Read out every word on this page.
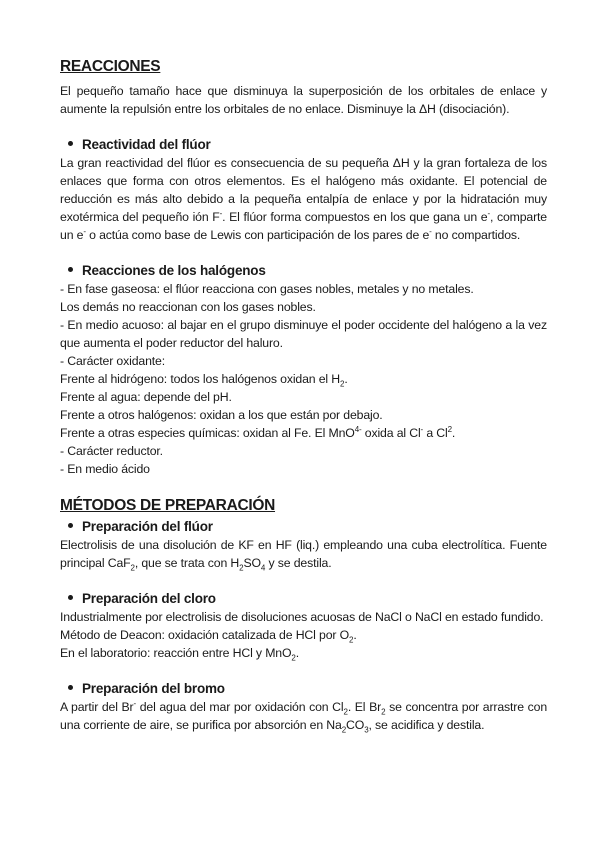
REACCIONES

El pequeño tamaño hace que disminuya la superposición de los orbitales de enlace y aumente la repulsión entre los orbitales de no enlace. Disminuye la ΔH (disociación).

Reactividad del flúor

La gran reactividad del flúor es consecuencia de su pequeña ΔH y la gran fortaleza de los enlaces que forma con otros elementos. Es el halógeno más oxidante. El potencial de reducción es más alto debido a la pequeña entalpía de enlace y por la hidratación muy exotérmica del pequeño ión F-. El flúor forma compuestos en los que gana un e-, comparte un e- o actúa como base de Lewis con participación de los pares de e- no compartidos.

Reacciones de los halógenos

- En fase gaseosa: el flúor reacciona con gases nobles, metales y no metales.

Los demás no reaccionan con los gases nobles.

- En medio acuoso: al bajar en el grupo disminuye el poder occidente del halógeno a la vez que aumenta el poder reductor del haluro.

- Carácter oxidante:

Frente al hidrógeno: todos los halógenos oxidan el $H_2$.

Frente al agua: depende del pH.

Frente a otros halógenos: oxidan a los que están por debajo.

Frente a otras especies químicas: oxidan al Fe. El MnO$^{4-}$ oxida al Cl- a Cl$^2$.

- Carácter reductor.

- En medio ácido

MÉTODOS DE PREPARACIÓN

Preparación del flúor

Electrolisis de una disolución de KF en HF (liq.) empleando una cuba electrolítica. Fuente principal CaF$_2$, que se trata con $H_2SO_4$ y se destila.

Preparación del cloro

Industrialmente por electrolisis de disoluciones acuosas de NaCl o NaCl en estado fundido.

Método de Deacon: oxidación catalizada de HCl por $O_2$.

En el laboratorio: reacción entre HCl y MnO$_2$.

Preparación del bromo

A partir del Br- del agua del mar por oxidación con $Cl_2$. El $Br_2$ se concentra por arrastre con una corriente de aire, se purifica por absorción en $Na_2CO_3$, se acidifica y destila.
